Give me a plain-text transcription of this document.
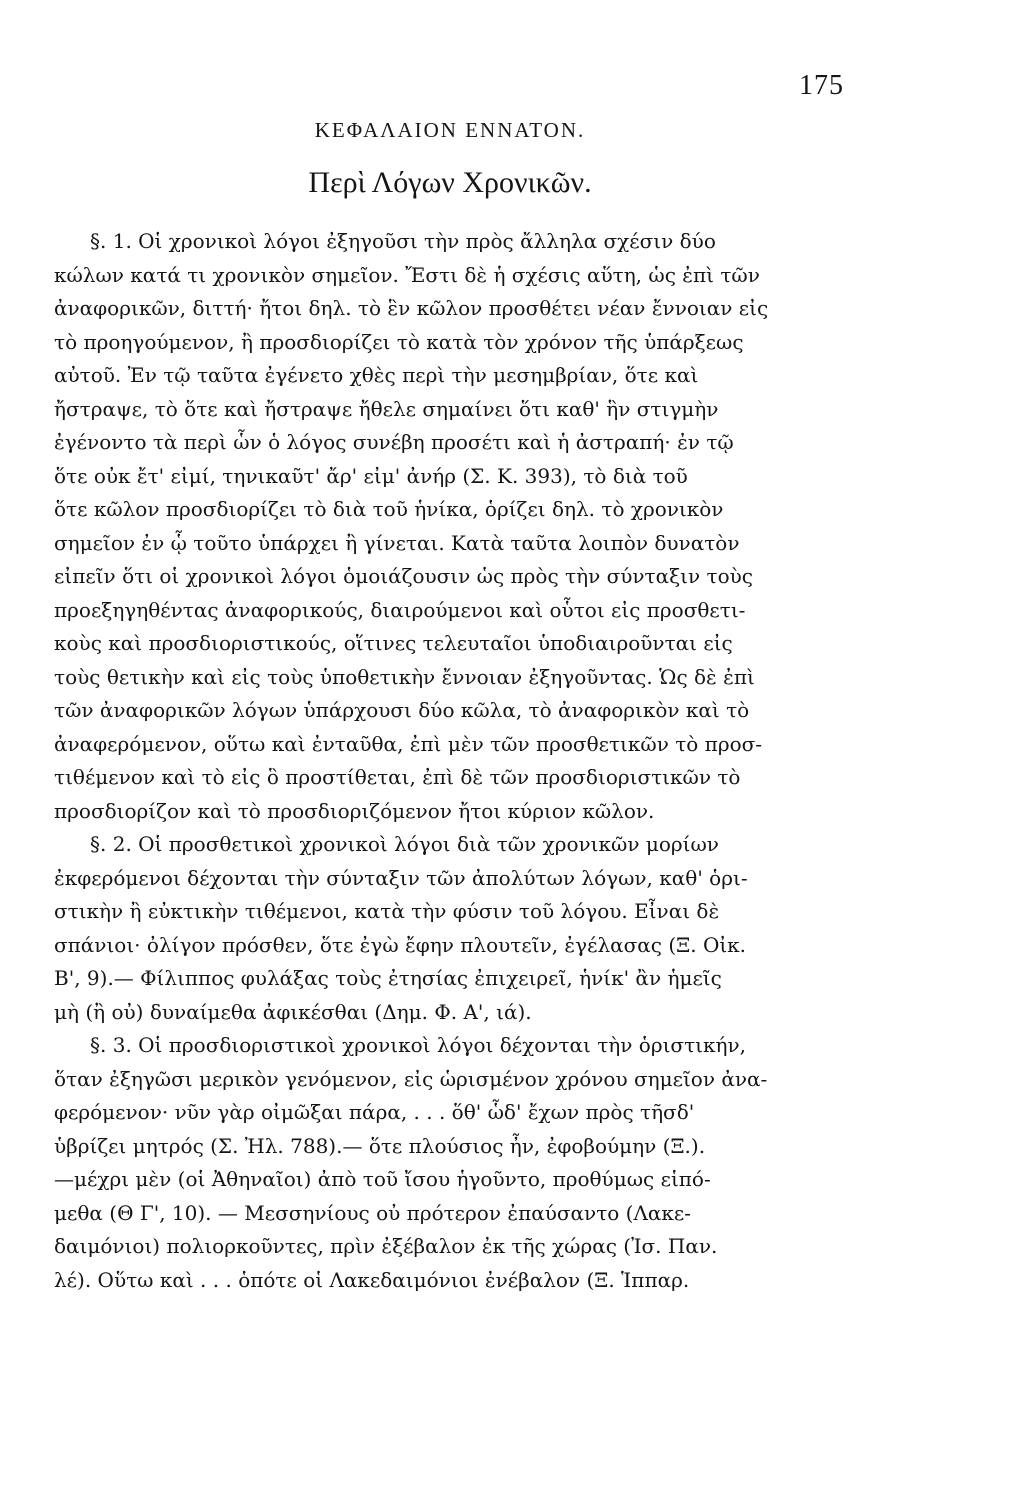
175
ΚΕΦΑΛΑΙΟΝ ΕΝΝΑΤΟΝ.
Περὶ Λόγων Χρονικῶν.
§. 1. Οἱ χρονικοὶ λόγοι ἐξηγοῦσι τὴν πρὸς ἄλληλα σχέσιν δύο
κώλων κατά τι χρονικὸν σημεῖον. Ἔστι δὲ ἡ σχέσις αὕτη, ὡς ἐπὶ τῶν
ἀναφορικῶν, διττή· ἤτοι δηλ. τὸ ἓν κῶλον προσθέτει νέαν ἔννοιαν εἰς
τὸ προηγούμενον, ἢ προσδιορίζει τὸ κατὰ τὸν χρόνον τῆς ὑπάρξεως
αὐτοῦ. Ἐν τῷ ταῦτα ἐγένετο χθὲς περὶ τὴν μεσημβρίαν, ὅτε καὶ
ἤστραψε, τὸ ὅτε καὶ ἤστραψε ἤθελε σημαίνει ὅτι καθ' ἣν στιγμὴν
ἐγένοντο τὰ περὶ ὧν ὁ λόγος συνέβη προσέτι καὶ ἡ ἀστραπή· ἐν τῷ
ὅτε οὐκ ἔτ' εἰμί, τηνικαῦτ' ἄρ' εἰμ' ἀνήρ (Σ. Κ. 393), τὸ διὰ τοῦ
ὅτε κῶλον προσδιορίζει τὸ διὰ τοῦ ἡνίκα, ὁρίζει δηλ. τὸ χρονικὸν
σημεῖον ἐν ᾧ τοῦτο ὑπάρχει ἢ γίνεται. Κατὰ ταῦτα λοιπὸν δυνατὸν
εἰπεῖν ὅτι οἱ χρονικοὶ λόγοι ὁμοιάζουσιν ὡς πρὸς τὴν σύνταξιν τοὺς
προεξηγηθέντας ἀναφορικούς, διαιρούμενοι καὶ οὗτοι εἰς προσθετι-
κοὺς καὶ προσδιοριστικούς, οἵτινες τελευταῖοι ὑποδιαιροῦνται εἰς
τοὺς θετικὴν καὶ εἰς τοὺς ὑποθετικὴν ἔννοιαν ἐξηγοῦντας. Ὡς δὲ ἐπὶ
τῶν ἀναφορικῶν λόγων ὑπάρχουσι δύο κῶλα, τὸ ἀναφορικὸν καὶ τὸ
ἀναφερόμενον, οὕτω καὶ ἐνταῦθα, ἐπὶ μὲν τῶν προσθετικῶν τὸ προσ-
τιθέμενον καὶ τὸ εἰς ὃ προστίθεται, ἐπὶ δὲ τῶν προσδιοριστικῶν τὸ
προσδιορίζον καὶ τὸ προσδιοριζόμενον ἤτοι κύριον κῶλον.
§. 2. Οἱ προσθετικοὶ χρονικοὶ λόγοι διὰ τῶν χρονικῶν μορίων
ἐκφερόμενοι δέχονται τὴν σύνταξιν τῶν ἀπολύτων λόγων, καθ' ὁρι-
στικὴν ἢ εὐκτικὴν τιθέμενοι, κατὰ τὴν φύσιν τοῦ λόγου. Εἶναι δὲ
σπάνιοι· ὀλίγον πρόσθεν, ὅτε ἐγὼ ἔφην πλουτεῖν, ἐγέλασας (Ξ. Οἰκ.
Β', 9).— Φίλιππος φυλάξας τοὺς ἐτησίας ἐπιχειρεῖ, ἡνίκ' ἂν ἡμεῖς
μὴ (ἢ οὐ) δυναίμεθα ἀφικέσθαι (Δημ. Φ. Α', ιά).
§. 3. Οἱ προσδιοριστικοὶ χρονικοὶ λόγοι δέχονται τὴν ὁριστικήν,
ὅταν ἐξηγῶσι μερικὸν γενόμενον, εἰς ὡρισμένον χρόνου σημεῖον ἀνα-
φερόμενον· νῦν γὰρ οἰμῶξαι πάρα, . . . ὅθ' ὧδ' ἔχων πρὸς τῆσδ'
ὑβρίζει μητρός (Σ. Ἠλ. 788).— ὅτε πλούσιος ἦν, ἐφοβούμην (Ξ.).
—μέχρι μὲν (οἱ Ἀθηναῖοι) ἀπὸ τοῦ ἴσου ἡγοῦντο, προθύμως εἱπό-
μεθα (Θ Γ', 10). — Μεσσηνίους οὐ πρότερον ἐπαύσαντο (Λακε-
δαιμόνιοι) πολιορκοῦντες, πρὶν ἐξέβαλον ἐκ τῆς χώρας (Ἰσ. Παν.
λέ). Οὕτω καὶ . . . ὁπότε οἱ Λακεδαιμόνιοι ἐνέβαλον (Ξ. Ἱππαρ.
